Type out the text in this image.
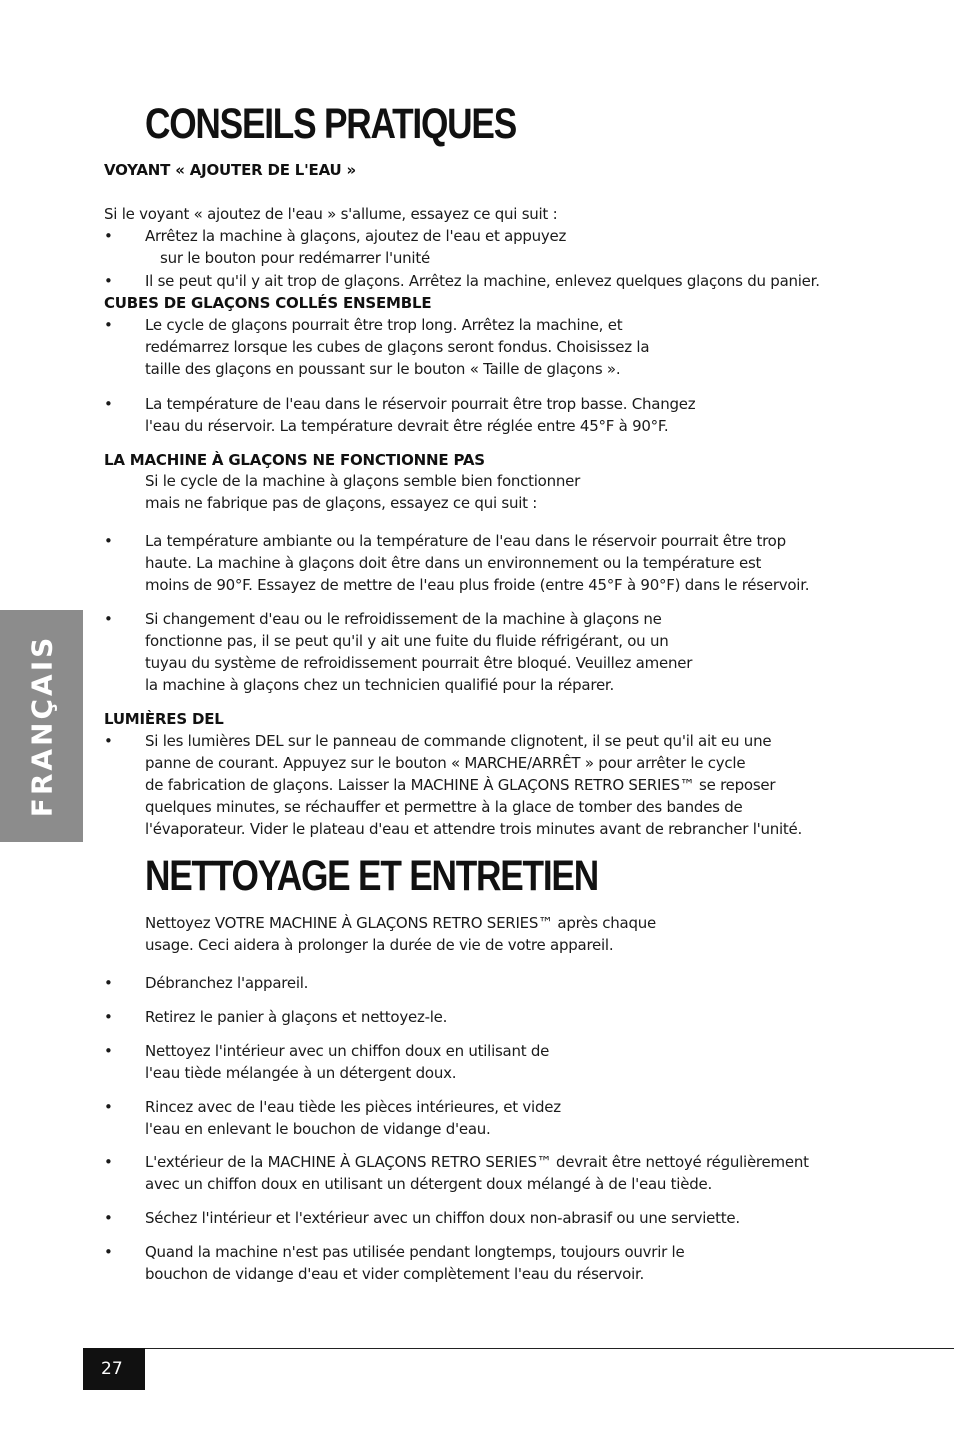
FRANÇAIS
CONSEILS PRATIQUES
VOYANT « AJOUTER DE L'EAU »

Si le voyant « ajoutez de l'eau » s'allume, essayez ce qui suit :

• Arrêtez la machine à glaçons, ajoutez de l'eau et appuyez

sur le bouton pour redémarrer l'unité

• Il se peut qu'il y ait trop de glaçons. Arrêtez la machine, enlevez quelques glaçons du panier.

CUBES DE GLAÇONS COLLÉS ENSEMBLE
• Le cycle de glaçons pourrait être trop long. Arrêtez la machine, et

redémarrez lorsque les cubes de glaçons seront fondus. Choisissez la

taille des glaçons en poussant sur le bouton « Taille de glaçons ».

• La température de l'eau dans le réservoir pourrait être trop basse. Changez

l'eau du réservoir. La température devrait être réglée entre 45°F à 90°F.

LA MACHINE À GLAÇONS NE FONCTIONNE PAS

Si le cycle de la machine à glaçons semble bien fonctionner

mais ne fabrique pas de glaçons, essayez ce qui suit :

• La température ambiante ou la température de l'eau dans le réservoir pourrait être trop

haute. La machine à glaçons doit être dans un environnement ou la température est

moins de 90°F. Essayez de mettre de l'eau plus froide (entre 45°F à 90°F) dans le réservoir.

• Si changement d'eau ou le refroidissement de la machine à glaçons ne

fonctionne pas, il se peut qu'il y ait une fuite du fluide réfrigérant, ou un

tuyau du système de refroidissement pourrait être bloqué. Veuillez amener

la machine à glaçons chez un technicien qualifié pour la réparer.

LUMIÈRES DEL
• Si les lumières DEL sur le panneau de commande clignotent, il se peut qu'il ait eu une

panne de courant. Appuyez sur le bouton « MARCHE/ARRÊT » pour arrêter le cycle

de fabrication de glaçons. Laisser la MACHINE À GLAÇONS RETRO SERIES™ se reposer

quelques minutes, se réchauffer et permettre à la glace de tomber des bandes de

l'évaporateur. Vider le plateau d'eau et attendre trois minutes avant de rebrancher l'unité.

NETTOYAGE ET ENTRETIEN

Nettoyez VOTRE MACHINE À GLAÇONS RETRO SERIES™ après chaque

usage. Ceci aidera à prolonger la durée de vie de votre appareil.

• Débranchez l'appareil.

• Retirez le panier à glaçons et nettoyez-le.

• Nettoyez l'intérieur avec un chiffon doux en utilisant de

l'eau tiède mélangée à un détergent doux.

• Rincez avec de l'eau tiède les pièces intérieures, et videz

l'eau en enlevant le bouchon de vidange d'eau.

• L'extérieur de la MACHINE À GLAÇONS RETRO SERIES™ devrait être nettoyé régulièrement

avec un chiffon doux en utilisant un détergent doux mélangé à de l'eau tiède.

• Séchez l'intérieur et l'extérieur avec un chiffon doux non-abrasif ou une serviette.

• Quand la machine n'est pas utilisée pendant longtemps, toujours ouvrir le

bouchon de vidange d'eau et vider complètement l'eau du réservoir.

27
